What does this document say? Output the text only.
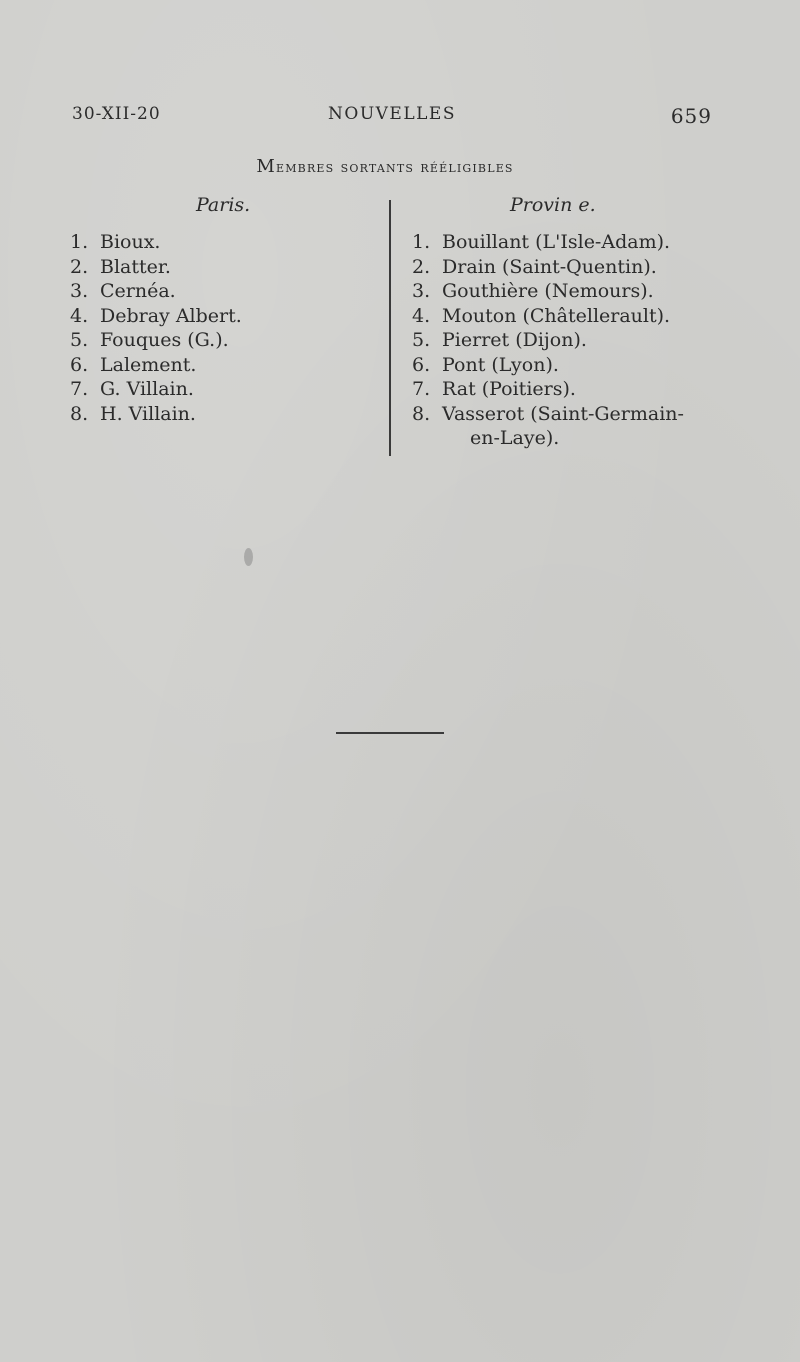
30-XII-20	NOUVELLES	659
Membres sortants rééligibles
Paris.
1. Bioux.
2. Blatter.
3. Cernéa.
4. Debray Albert.
5. Fouques (G.).
6. Lalement.
7. G. Villain.
8. H. Villain.
Provin e.
1. Bouillant (L'Isle-Adam).
2. Drain (Saint-Quentin).
3. Gouthière (Nemours).
4. Mouton (Châtellerault).
5. Pierret (Dijon).
6. Pont (Lyon).
7. Rat (Poitiers).
8. Vasserot (Saint-Germain-
en-Laye).
